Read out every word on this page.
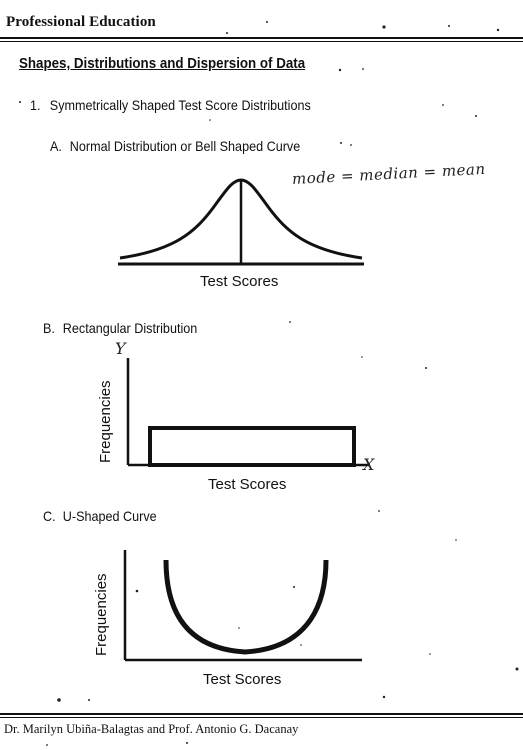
Professional Education
Shapes, Distributions and Dispersion of Data
1. Symmetrically Shaped Test Score Distributions
A. Normal Distribution or Bell Shaped Curve
mode = median = mean
Y
X
Test Scores
B. Rectangular Distribution
Frequencies
Test Scores
C. U-Shaped Curve
Frequencies
Test Scores
Dr. Marilyn Ubiña-Balagtas and Prof. Antonio G. Dacanay
